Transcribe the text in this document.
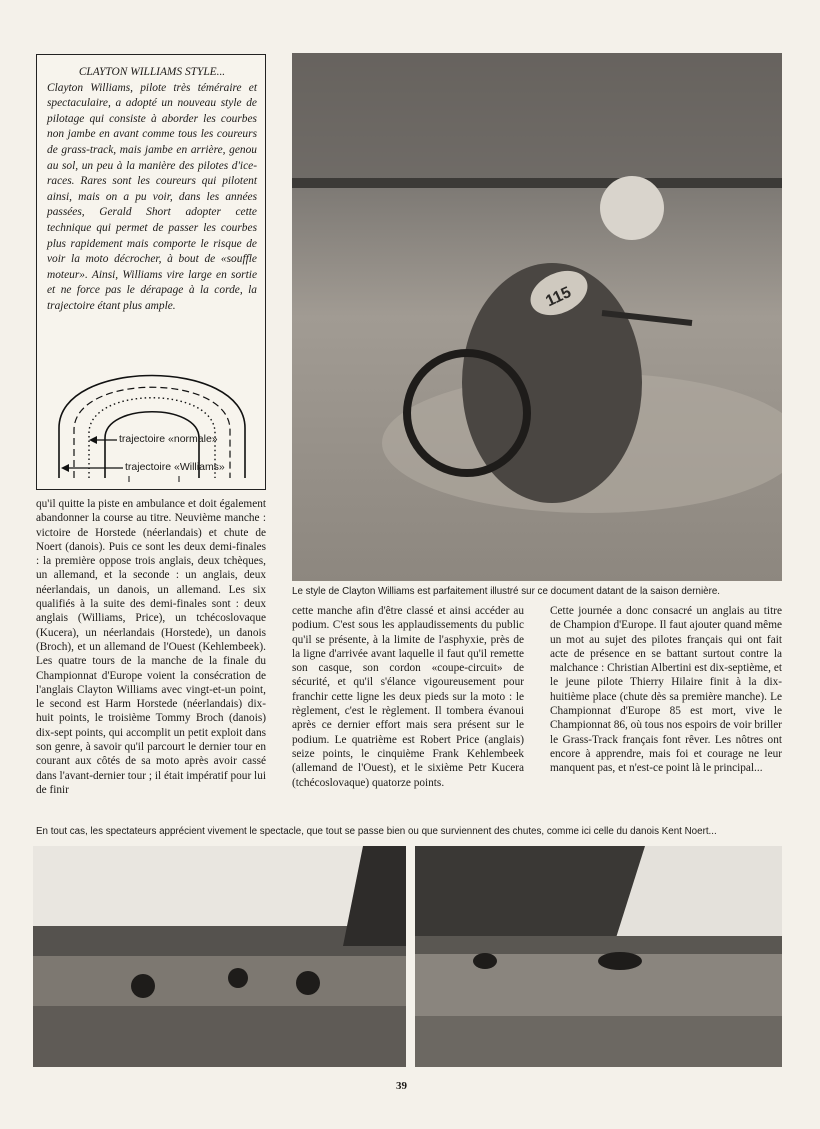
CLAYTON WILLIAMS STYLE...
Clayton Williams, pilote très téméraire et spectaculaire, a adopté un nouveau style de pilotage qui consiste à aborder les courbes non jambe en avant comme tous les coureurs de grass-track, mais jambe en arrière, genou au sol, un peu à la manière des pilotes d'ice-races. Rares sont les coureurs qui pilotent ainsi, mais on a pu voir, dans les années passées, Gerald Short adopter cette technique qui permet de passer les courbes plus rapidement mais comporte le risque de voir la moto décrocher, à bout de «souffle moteur». Ainsi, Williams vire large en sortie et ne force pas le dérapage à la corde, la trajectoire étant plus ample.

trajectoire «normale»
trajectoire «Williams»
115

Le style de Clayton Williams est parfaitement illustré sur ce document datant de la saison dernière.

qu'il quitte la piste en ambulance et doit également abandonner la course au titre. Neuvième manche : victoire de Horstede (néerlandais) et chute de Noert (danois). Puis ce sont les deux demi-finales : la première oppose trois anglais, deux tchèques, un allemand, et la seconde : un anglais, deux néerlandais, un danois, un allemand. Les six qualifiés à la suite des demi-finales sont : deux anglais (Williams, Price), un tchécoslovaque (Kucera), un néerlandais (Horstede), un danois (Broch), et un allemand de l'Ouest (Kehlembeek). Les quatre tours de la manche de la finale du Championnat d'Europe voient la consécration de l'anglais Clayton Williams avec vingt-et-un point, le second est Harm Horstede (néerlandais) dix-huit points, le troisième Tommy Broch (danois) dix-sept points, qui accomplit un petit exploit dans son genre, à savoir qu'il parcourt le dernier tour en courant aux côtés de sa moto après avoir cassé dans l'avant-dernier tour ; il était impératif pour lui de finir

cette manche afin d'être classé et ainsi accéder au podium. C'est sous les applaudissements du public qu'il se présente, à la limite de l'asphyxie, près de la ligne d'arrivée avant laquelle il faut qu'il remette son casque, son cordon «coupe-circuit» de sécurité, et qu'il s'élance vigoureusement pour franchir cette ligne les deux pieds sur la moto : le règlement, c'est le règlement. Il tombera évanoui après ce dernier effort mais sera présent sur le podium. Le quatrième est Robert Price (anglais) seize points, le cinquième Frank Kehlembeek (allemand de l'Ouest), et le sixième Petr Kucera (tchécoslovaque) quatorze points.

Cette journée a donc consacré un anglais au titre de Champion d'Europe. Il faut ajouter quand même un mot au sujet des pilotes français qui ont fait acte de présence en se battant surtout contre la malchance : Christian Albertini est dix-septième, et le jeune pilote Thierry Hilaire finit à la dix-huitième place (chute dès sa première manche). Le Championnat d'Europe 85 est mort, vive le Championnat 86, où tous nos espoirs de voir briller le Grass-Track français font rêver. Les nôtres ont encore à apprendre, mais foi et courage ne leur manquent pas, et n'est-ce point là le principal...

En tout cas, les spectateurs apprécient vivement le spectacle, que tout se passe bien ou que surviennent des chutes, comme ici celle du danois Kent Noert...

39
